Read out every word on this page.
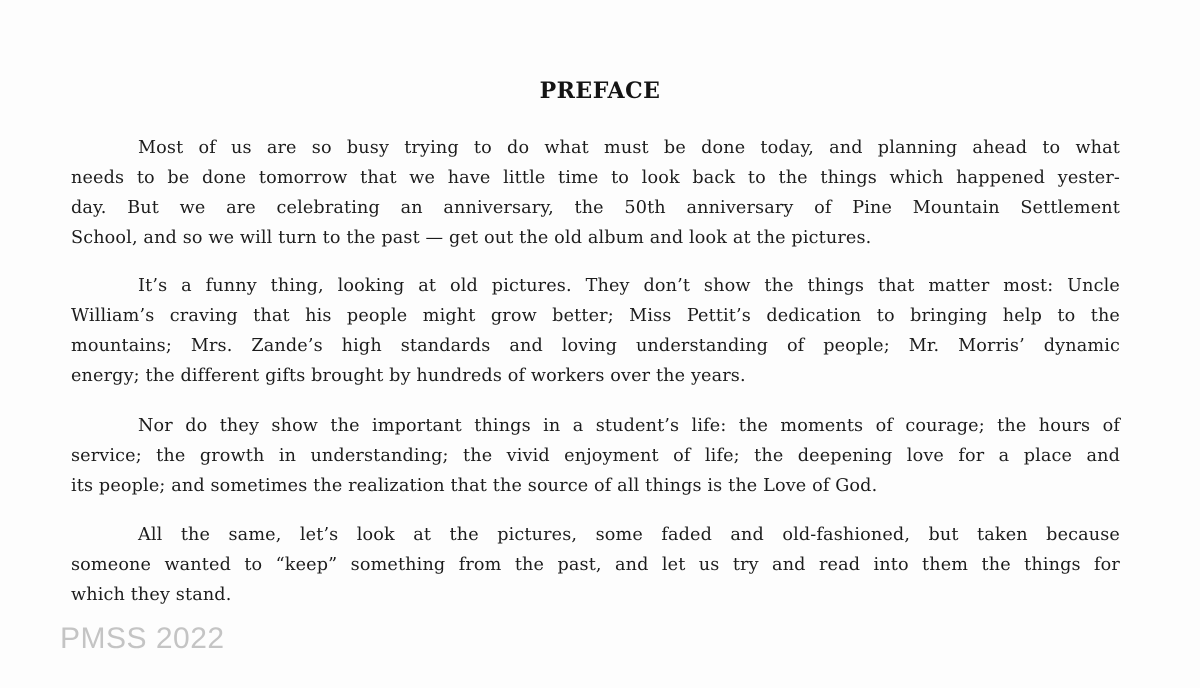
PREFACE
Most of us are so busy trying to do what must be done today, and planning ahead to what
needs to be done tomorrow that we have little time to look back to the things which happened yester-
day. But we are celebrating an anniversary, the 50th anniversary of Pine Mountain Settlement
School, and so we will turn to the past — get out the old album and look at the pictures.
It’s a funny thing, looking at old pictures. They don’t show the things that matter most: Uncle
William’s craving that his people might grow better; Miss Pettit’s dedication to bringing help to the
mountains; Mrs. Zande’s high standards and loving understanding of people; Mr. Morris’ dynamic
energy; the different gifts brought by hundreds of workers over the years.
Nor do they show the important things in a student’s life: the moments of courage; the hours of
service; the growth in understanding; the vivid enjoyment of life; the deepening love for a place and
its people; and sometimes the realization that the source of all things is the Love of God.
All the same, let’s look at the pictures, some faded and old-fashioned, but taken because
someone wanted to “keep” something from the past, and let us try and read into them the things for
which they stand.
PMSS 2022
